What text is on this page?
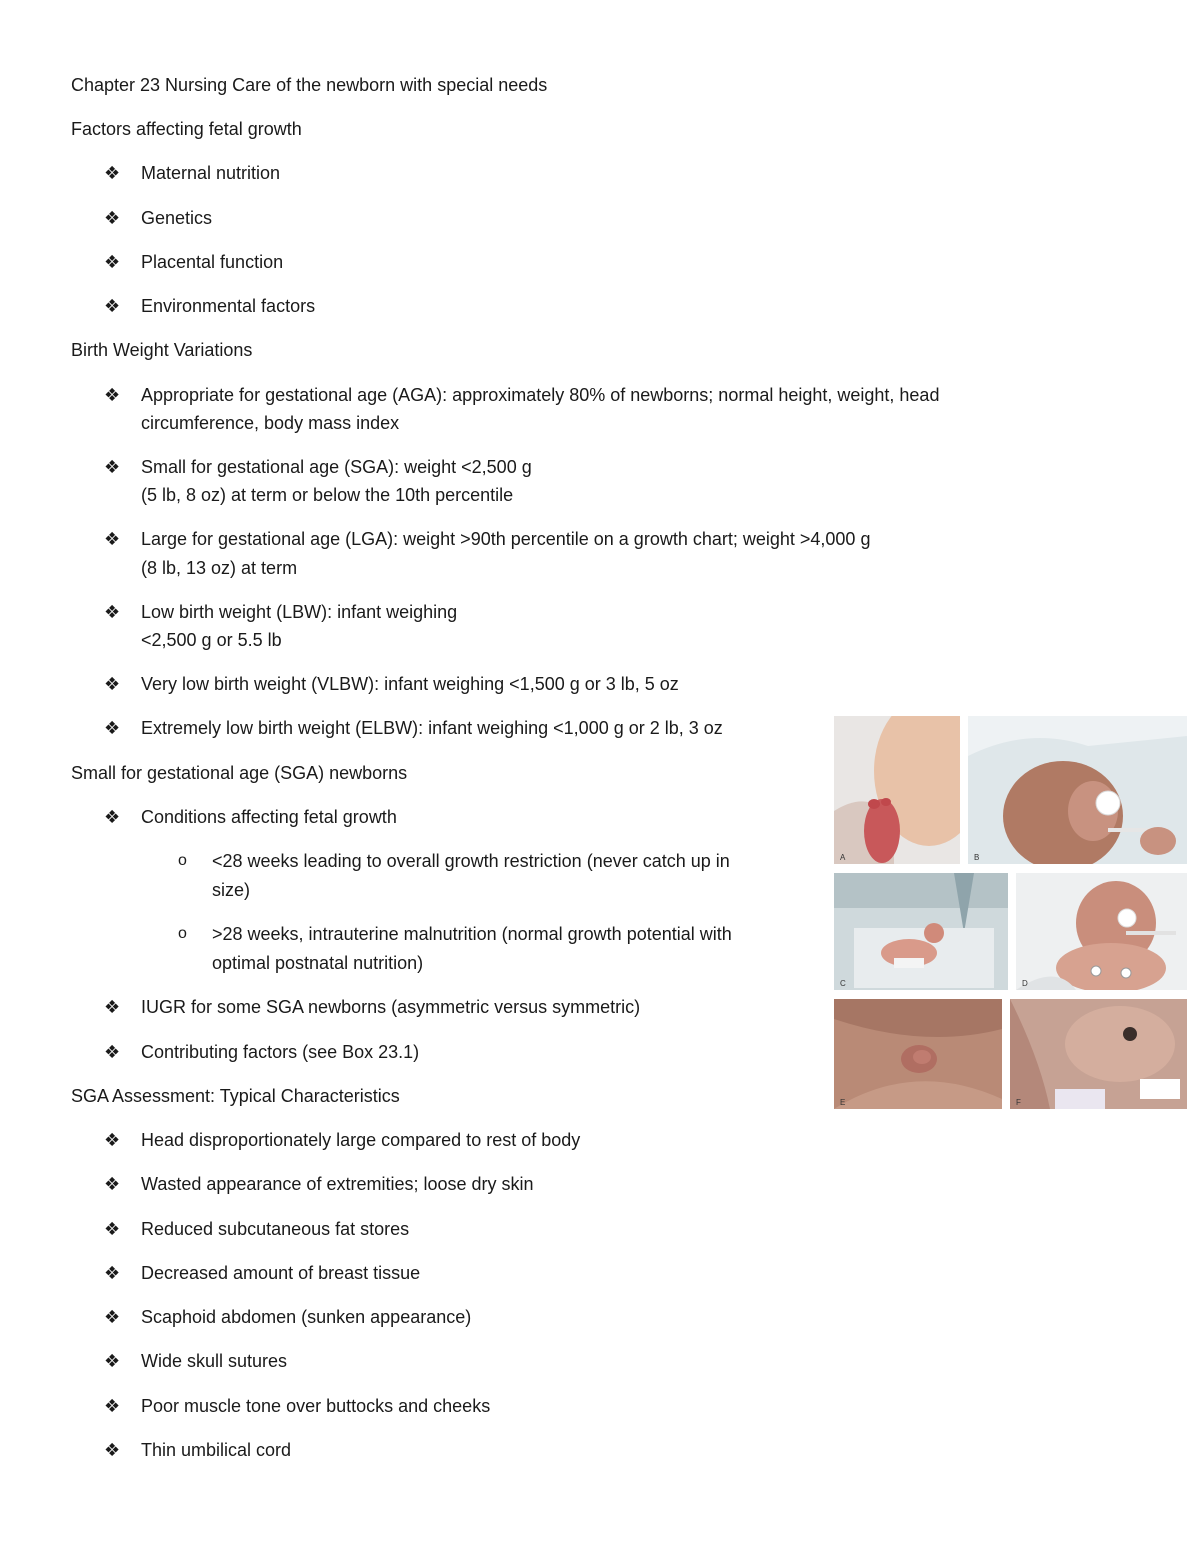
Chapter 23 Nursing Care of the newborn with special needs
Factors affecting fetal growth
❖	Maternal nutrition
❖	Genetics
❖	Placental function
❖	Environmental factors
Birth Weight Variations
❖	Appropriate for gestational age (AGA): approximately 80% of newborns; normal height, weight, head
circumference, body mass index
❖	Small for gestational age (SGA): weight <2,500 g
(5 lb, 8 oz) at term or below the 10th percentile
❖	Large for gestational age (LGA): weight >90th percentile on a growth chart; weight >4,000 g
(8 lb, 13 oz) at term
❖	Low birth weight (LBW): infant weighing
<2,500 g or 5.5 lb
❖	Very low birth weight (VLBW): infant weighing <1,500 g or 3 lb, 5 oz
❖	Extremely low birth weight (ELBW): infant weighing <1,000 g or 2 lb, 3 oz
Small for gestational age (SGA) newborns
❖	Conditions affecting fetal growth
o <28 weeks leading to overall growth restriction (never catch up in
size)
o >28 weeks, intrauterine malnutrition (normal growth potential with
optimal postnatal nutrition)
❖	IUGR for some SGA newborns (asymmetric versus symmetric)
❖	Contributing factors (see Box 23.1)
SGA Assessment: Typical Characteristics
❖	Head disproportionately large compared to rest of body
❖	Wasted appearance of extremities; loose dry skin
❖	Reduced subcutaneous fat stores
❖	Decreased amount of breast tissue
❖	Scaphoid abdomen (sunken appearance)
❖	Wide skull sutures
❖	Poor muscle tone over buttocks and cheeks
❖	Thin umbilical cord
A	B
C	D
E	F
